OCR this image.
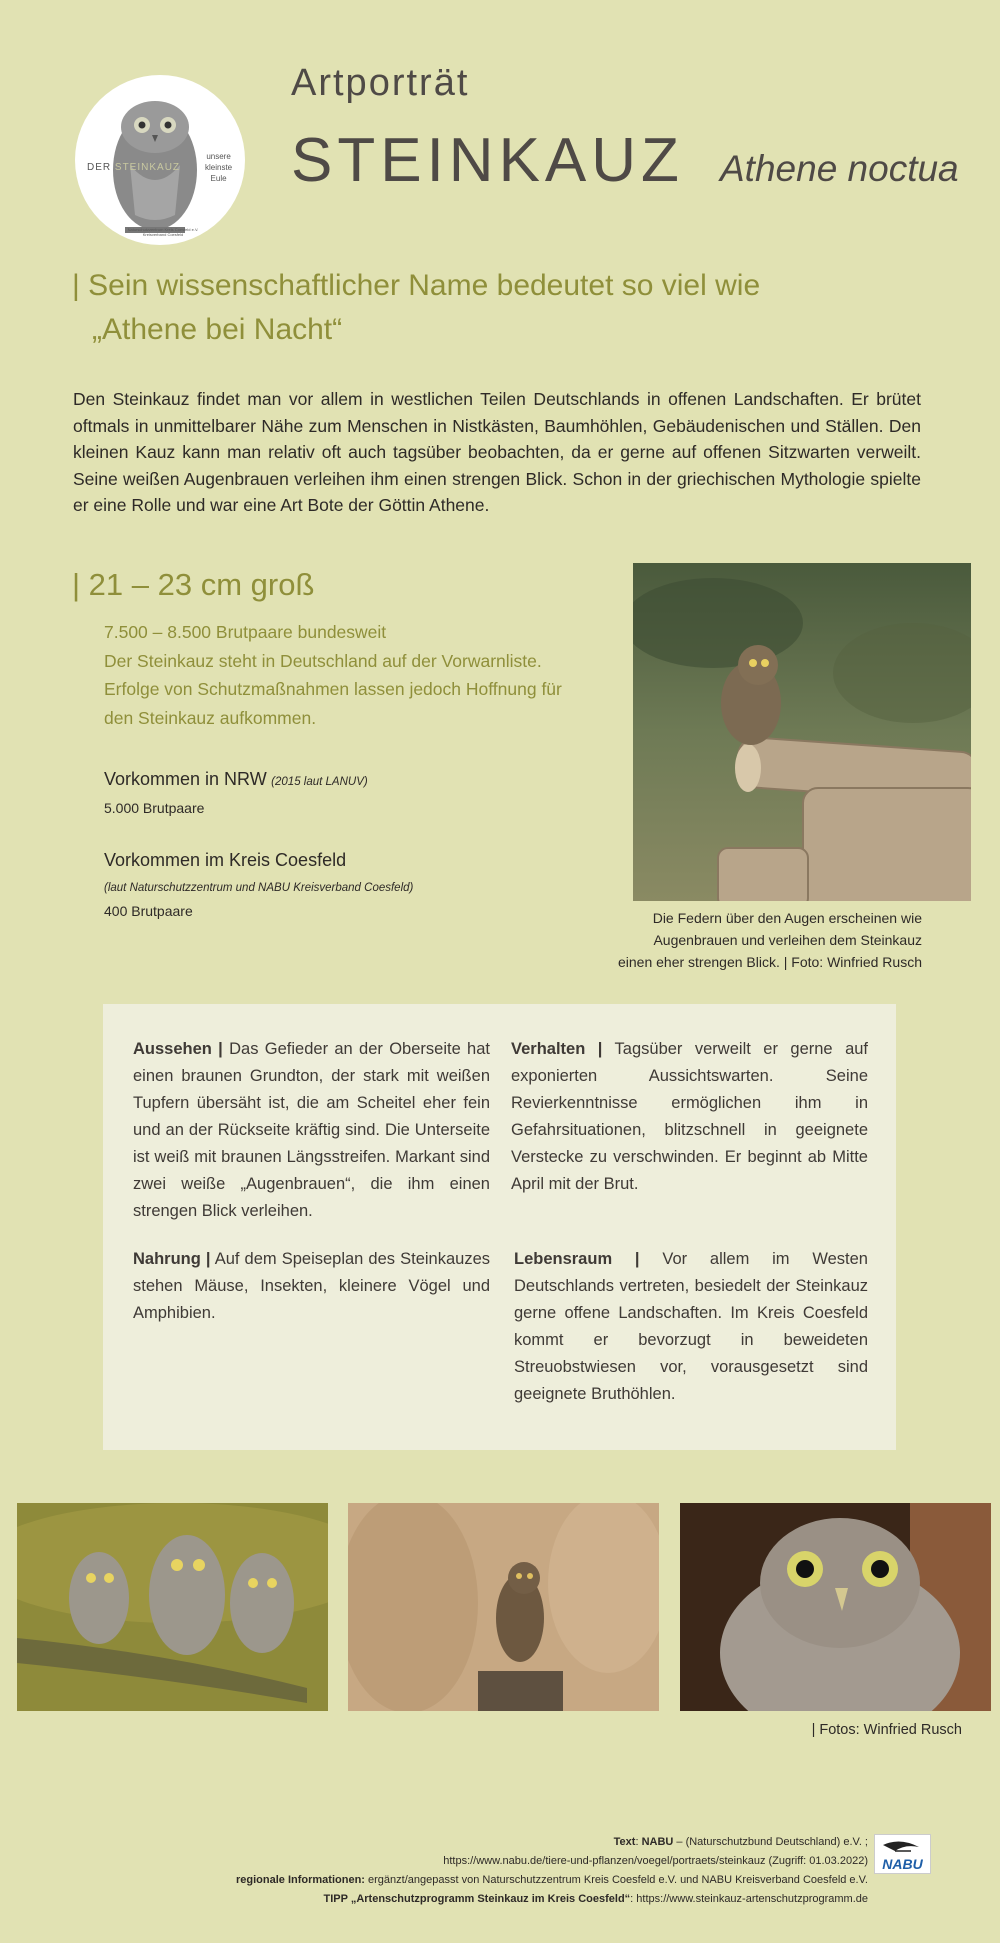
DER STEINKAUZ
unsere
kleinste
Eule
Naturschutzzentrum Kreis Coesfeld e.V.
Kreisverband Coesfeld
Artporträt
STEINKAUZ Athene noctua
| Sein wissenschaftlicher Name bedeutet so viel wie
„Athene bei Nacht“
Den Steinkauz findet man vor allem in westlichen Teilen Deutschlands in offenen Landschaften. Er brütet oftmals in unmittelbarer Nähe zum Menschen in Nistkästen, Baumhöhlen, Gebäudenischen und Ställen. Den kleinen Kauz kann man relativ oft auch tagsüber beobachten, da er gerne auf offenen Sitzwarten verweilt. Seine weißen Augenbrauen verleihen ihm einen strengen Blick. Schon in der griechischen Mythologie spielte er eine Rolle und war eine Art Bote der Göttin Athene.
| 21 – 23 cm groß
7.500 – 8.500 Brutpaare bundesweit
Der Steinkauz steht in Deutschland auf der Vorwarnliste.
Erfolge von Schutzmaßnahmen lassen jedoch Hoffnung für
den Steinkauz aufkommen.
Vorkommen in NRW (2015 laut LANUV)
5.000 Brutpaare
Vorkommen im Kreis Coesfeld
(laut Naturschutzzentrum und NABU Kreisverband Coesfeld)
400 Brutpaare	Die Federn über den Augen erscheinen wie
Augenbrauen und verleihen dem Steinkauz
einen eher strengen Blick. | Foto: Winfried Rusch
Aussehen | Das Gefieder an der Oberseite hat einen braunen Grundton, der stark mit weißen Tupfern übersäht ist, die am Scheitel eher fein und an der Rückseite kräftig sind. Die Unterseite ist weiß mit braunen Längsstreifen. Markant sind zwei weiße „Augenbrauen“, die ihm einen strengen Blick verleihen.
Verhalten | Tagsüber verweilt er gerne auf exponierten Aussichtswarten. Seine Revierkenntnisse ermöglichen ihm in Gefahrsituationen, blitzschnell in geeignete Verstecke zu verschwinden. Er beginnt ab Mitte April mit der Brut.
Nahrung | Auf dem Speiseplan des Steinkauzes stehen Mäuse, Insekten, kleinere Vögel und Amphibien.
Lebensraum | Vor allem im Westen Deutschlands vertreten, besiedelt der Steinkauz gerne offene Landschaften. Im Kreis Coesfeld kommt er bevorzugt in beweideten Streuobstwiesen vor, vorausgesetzt sind geeignete Bruthöhlen.
| Fotos: Winfried Rusch
Text: NABU – (Naturschutzbund Deutschland) e.V. ;
https://www.nabu.de/tiere-und-pflanzen/voegel/portraets/steinkauz (Zugriff: 01.03.2022)
regionale Informationen: ergänzt/angepasst von Naturschutzzentrum Kreis Coesfeld e.V. und NABU Kreisverband Coesfeld e.V.
TIPP „Artenschutzprogramm Steinkauz im Kreis Coesfeld“: https://www.steinkauz-artenschutzprogramm.de
NABU
